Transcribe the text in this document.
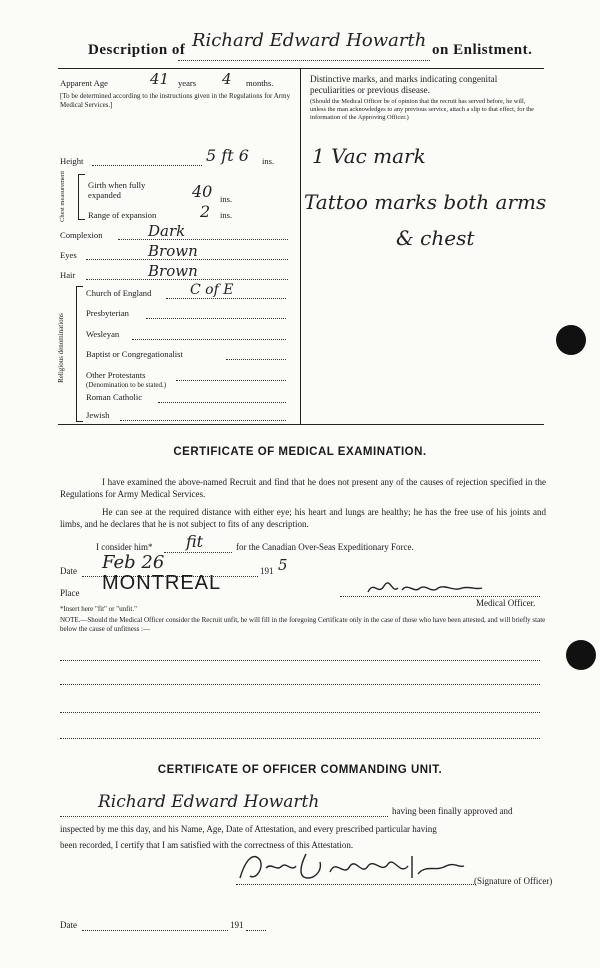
Description of Richard Edward Howarth on Enlistment.
Apparent Age	41 years 4 months.
[To be determined according to the instructions given in the Regulations for Army Medical Services.]
Height	5 ft 6 ins.
Chest measurement	Girth when fully expanded	40 ins.
Range of expansion	2 ins.
Complexion	Dark
Eyes	Brown
Hair	Brown
Religious denominations
Church of England	C of E
Presbyterian
Wesleyan
Baptist or Congregationalist
Other Protestants
(Denomination to be stated.)
Roman Catholic
Jewish
Distinctive marks, and marks indicating congenital peculiarities or previous disease.
(Should the Medical Officer be of opinion that the recruit has served before, he will, unless the man acknowledges to any previous service, attach a slip to that effect, for the information of the Approving Officer.)
1 Vac mark
Tattoo marks both arms
& chest
CERTIFICATE OF MEDICAL EXAMINATION.
I have examined the above-named Recruit and find that he does not present any of the causes of rejection specified in the Regulations for Army Medical Services.
He can see at the required distance with either eye; his heart and lungs are healthy; he has the free use of his joints and limbs, and he declares that he is not subject to fits of any description.
I consider him* fit	for the Canadian Over-Seas Expeditionary Force.
Date Feb 26	191 5
Place MONTREAL
Medical Officer.
*Insert here "fit" or "unfit."
NOTE.—Should the Medical Officer consider the Recruit unfit, he will fill in the foregoing Certificate only in the case of those who have been attested, and will briefly state below the cause of unfitness :—
CERTIFICATE OF OFFICER COMMANDING UNIT.
Richard Edward Howarth	having been finally approved and
inspected by me this day, and his Name, Age, Date of Attestation, and every prescribed particular having
been recorded, I certify that I am satisfied with the correctness of this Attestation.
(Signature of Officer)
Date	191
